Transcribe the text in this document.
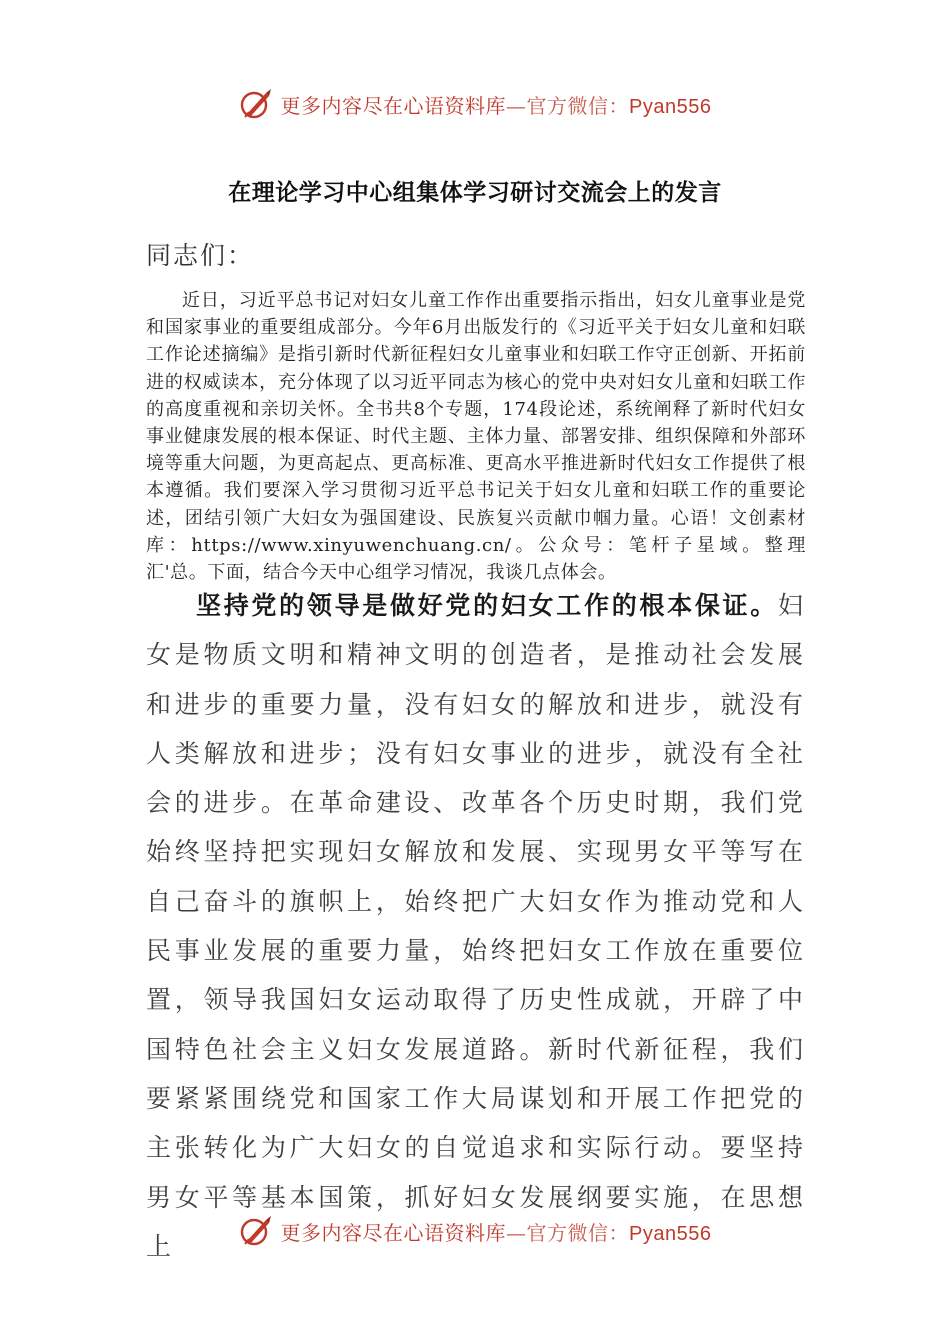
更多内容尽在心语资料库—官方微信：Pyan556
在理论学习中心组集体学习研讨交流会上的发言
同志们：

近日，习近平总书记对妇女儿童工作作出重要指示指出，妇女儿童事业是党和国家事业的重要组成部分。今年6月出版发行的《习近平关于妇女儿童和妇联工作论述摘编》是指引新时代新征程妇女儿童事业和妇联工作守正创新、开拓前进的权威读本，充分体现了以习近平同志为核心的党中央对妇女儿童和妇联工作的高度重视和亲切关怀。全书共8个专题，174段论述，系统阐释了新时代妇女事业健康发展的根本保证、时代主题、主体力量、部署安排、组织保障和外部环境等重大问题，为更高起点、更高标准、更高水平推进新时代妇女工作提供了根本遵循。我们要深入学习贯彻习近平总书记关于妇女儿童和妇联工作的重要论述，团结引领广大妇女为强国建设、民族复兴贡献巾帼力量。心语！文创素材库：https://www.xinyuwenchuang.cn/。公众号：笔杆子星域。整理汇'总。下面，结合今天中心组学习情况，我谈几点体会。

坚持党的领导是做好党的妇女工作的根本保证。妇女是物质文明和精神文明的创造者，是推动社会发展和进步的重要力量，没有妇女的解放和进步，就没有人类解放和进步；没有妇女事业的进步，就没有全社会的进步。在革命建设、改革各个历史时期，我们党始终坚持把实现妇女解放和发展、实现男女平等写在自己奋斗的旗帜上，始终把广大妇女作为推动党和人民事业发展的重要力量，始终把妇女工作放在重要位置，领导我国妇女运动取得了历史性成就，开辟了中国特色社会主义妇女发展道路。新时代新征程，我们要紧紧围绕党和国家工作大局谋划和开展工作把党的主张转化为广大妇女的自觉追求和实际行动。要坚持男女平等基本国策，抓好妇女发展纲要实施，在思想上	更多内容尽在心语资料库—官方微信：Pyan556
